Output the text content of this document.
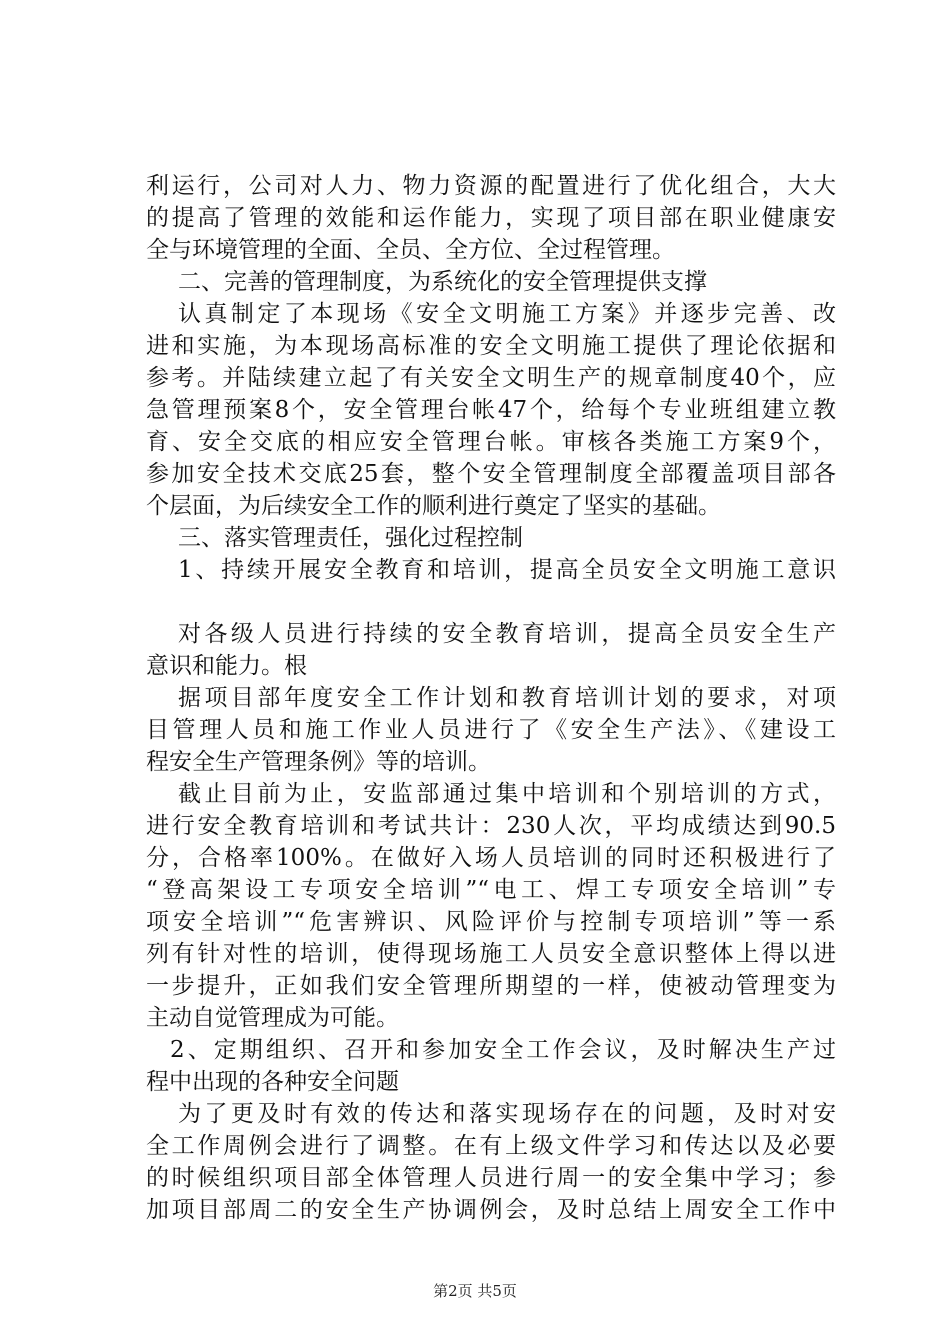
利运行，公司对人力、物力资源的配置进行了优化组合，大大
的提高了管理的效能和运作能力，实现了项目部在职业健康安
全与环境管理的全面、全员、全方位、全过程管理。
二、完善的管理制度，为系统化的安全管理提供支撑
认真制定了本现场《安全文明施工方案》并逐步完善、改
进和实施，为本现场高标准的安全文明施工提供了理论依据和
参考。并陆续建立起了有关安全文明生产的规章制度40个，应
急管理预案8个，安全管理台帐47个，给每个专业班组建立教
育、安全交底的相应安全管理台帐。审核各类施工方案9个，
参加安全技术交底25套，整个安全管理制度全部覆盖项目部各
个层面，为后续安全工作的顺利进行奠定了坚实的基础。
三、落实管理责任，强化过程控制
1、持续开展安全教育和培训，提高全员安全文明施工意识
对各级人员进行持续的安全教育培训，提高全员安全生产
意识和能力。根
据项目部年度安全工作计划和教育培训计划的要求，对项
目管理人员和施工作业人员进行了《安全生产法》、《建设工
程安全生产管理条例》等的培训。
截止目前为止，安监部通过集中培训和个别培训的方式，
进行安全教育培训和考试共计：230人次，平均成绩达到90.5
分，合格率100%。在做好入场人员培训的同时还积极进行了
“登高架设工专项安全培训”“电工、焊工专项安全培训”专
项安全培训”“危害辨识、风险评价与控制专项培训”等一系
列有针对性的培训，使得现场施工人员安全意识整体上得以进
一步提升，正如我们安全管理所期望的一样，使被动管理变为
主动自觉管理成为可能。
2、定期组织、召开和参加安全工作会议，及时解决生产过
程中出现的各种安全问题
为了更及时有效的传达和落实现场存在的问题，及时对安
全工作周例会进行了调整。在有上级文件学习和传达以及必要
的时候组织项目部全体管理人员进行周一的安全集中学习；参
加项目部周二的安全生产协调例会，及时总结上周安全工作中
第2页 共5页
